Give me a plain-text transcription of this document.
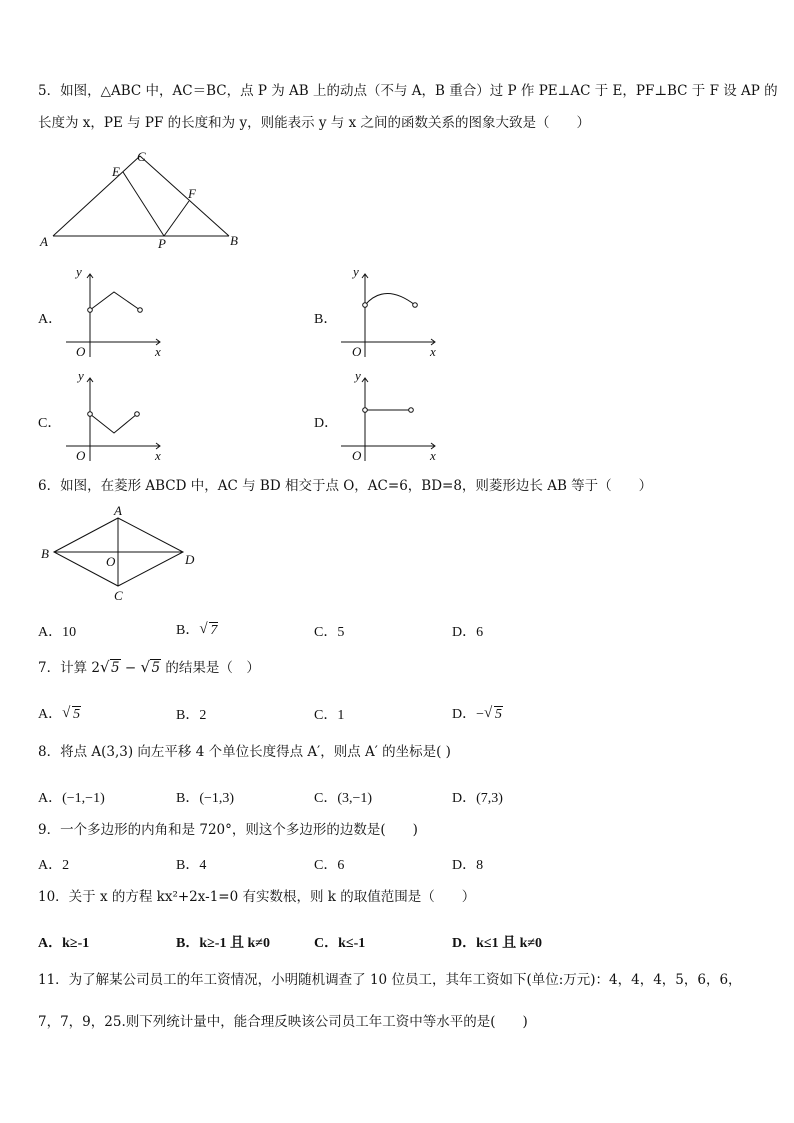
5．如图，△ABC 中，AC＝BC，点 P 为 AB 上的动点（不与 A，B 重合）过 P 作 PE⊥AC 于 E，PF⊥BC 于 F 设 AP 的
长度为 x，PE 与 PF 的长度和为 y，则能表示 y 与 x 之间的函数关系的图象大致是（　　）
A	B
C
E
F
P
A．
y
x
O
B．
y
x
O
C．
y
x
O
D．
y
x
O
6．如图，在菱形 ABCD 中，AC 与 BD 相交于点 O，AC=6，BD=8，则菱形边长 AB 等于（　　）
A
B
C
D
O
A．10	B． √ 7	C．5	D．6
7．计算 2 √ 5 − √ 5 的结果是（　）
A． √ 5	B．2	C．1	D．− √ 5
8．将点 A(3,3) 向左平移 4 个单位长度得点 A′，则点 A′ 的坐标是( )
A．(−1,−1)	B．(−1,3)	C．(3,−1)	D．(7,3)
9．一个多边形的内角和是 720°，则这个多边形的边数是(　　)
A．2	B．4	C．6	D．8
10．关于 x 的方程 kx²+2x-1=0 有实数根，则 k 的取值范围是（　　）
A．k≥-1	B．k≥-1 且 k≠0	C．k≤-1	D．k≤1 且 k≠0
11．为了解某公司员工的年工资情况，小明随机调查了 10 位员工，其年工资如下(单位:万元)：4，4，4，5，6，6，
7，7，9，25.则下列统计量中，能合理反映该公司员工年工资中等水平的是(　　)
